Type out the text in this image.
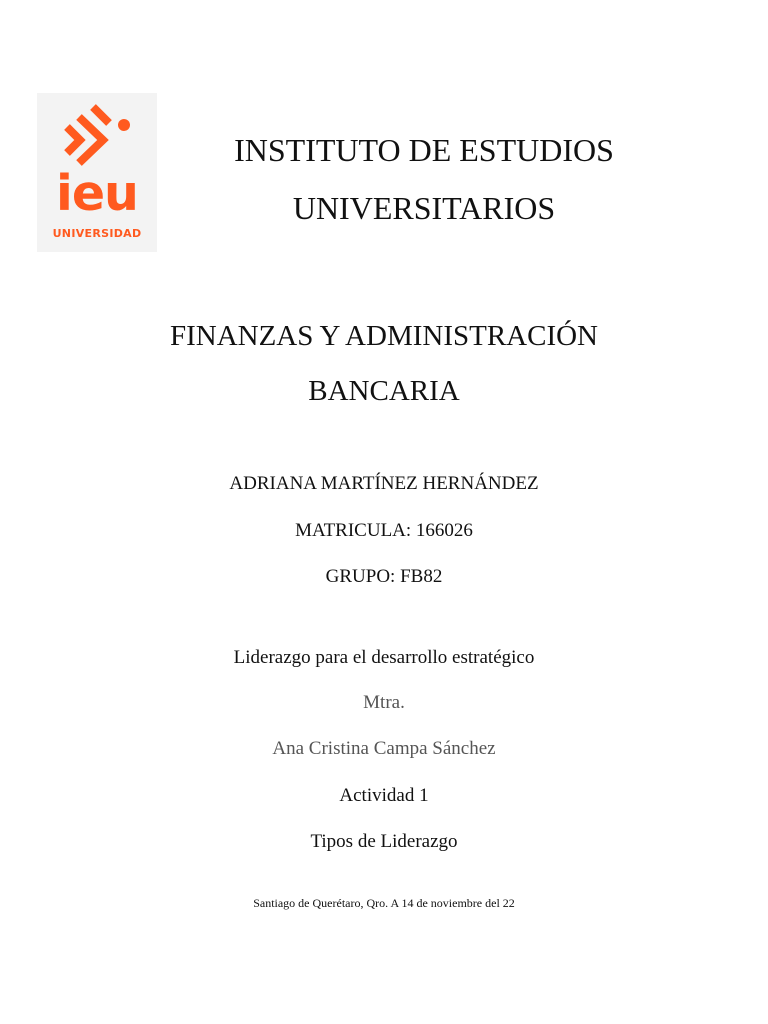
ieu
UNIVERSIDAD
INSTITUTO DE ESTUDIOS
UNIVERSITARIOS
FINANZAS Y ADMINISTRACIÓN
BANCARIA
ADRIANA MARTÍNEZ HERNÁNDEZ
MATRICULA: 166026
GRUPO: FB82
Liderazgo para el desarrollo estratégico
Mtra.
Ana Cristina Campa Sánchez
Actividad 1
Tipos de Liderazgo
Santiago de Querétaro, Qro. A 14 de noviembre del 22
